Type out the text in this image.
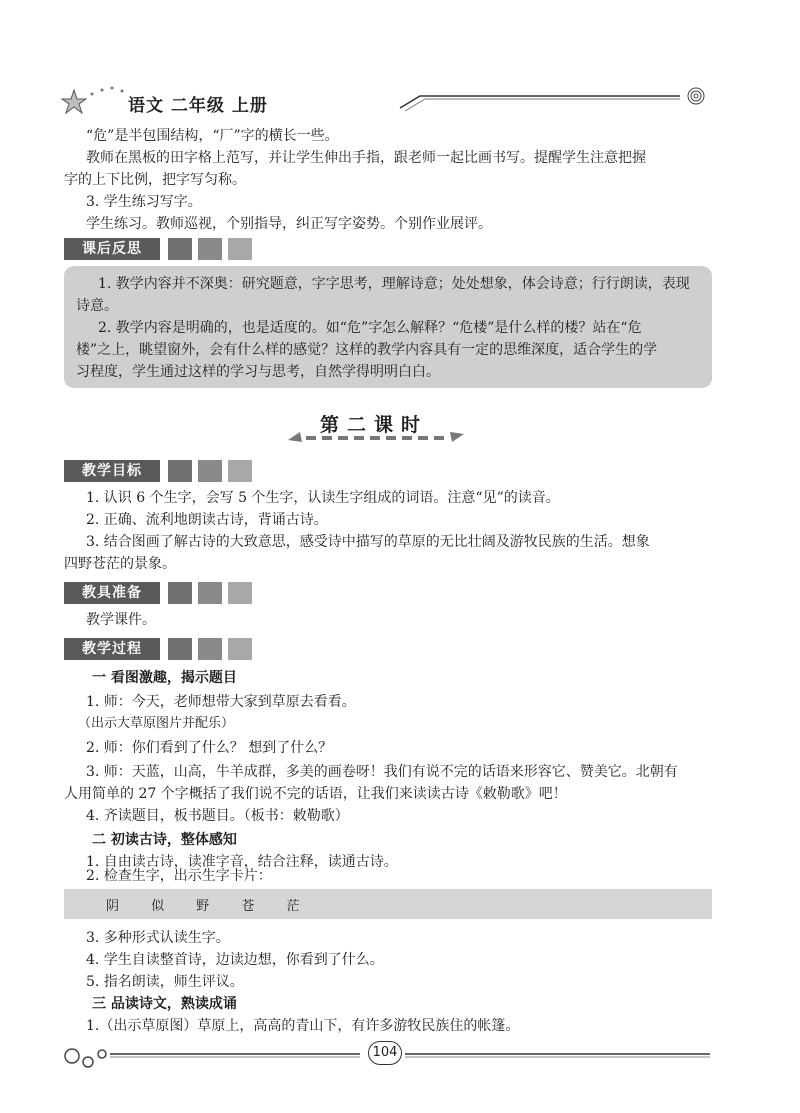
语文 二年级 上册
“危”是半包围结构，“厂”字的横长一些。
教师在黑板的田字格上范写，并让学生伸出手指，跟老师一起比画书写。提醒学生注意把握
字的上下比例，把字写匀称。
3. 学生练习写字。
学生练习。教师巡视，个别指导，纠正写字姿势。个别作业展评。
课后反思
1. 教学内容并不深奥：研究题意，字字思考，理解诗意；处处想象，体会诗意；行行朗读，表现
诗意。
2. 教学内容是明确的，也是适度的。如“危”字怎么解释？“危楼”是什么样的楼？站在“危
楼”之上，眺望窗外，会有什么样的感觉？这样的教学内容具有一定的思维深度，适合学生的学
习程度，学生通过这样的学习与思考，自然学得明明白白。
第二课时
教学目标
1. 认识 6 个生字，会写 5 个生字，认读生字组成的词语。注意“见”的读音。
2. 正确、流利地朗读古诗，背诵古诗。
3. 结合图画了解古诗的大致意思，感受诗中描写的草原的无比壮阔及游牧民族的生活。想象
四野苍茫的景象。
教具准备
教学课件。
教学过程
一 看图激趣，揭示题目
1. 师：今天，老师想带大家到草原去看看。
（出示大草原图片并配乐）
2. 师：你们看到了什么？ 想到了什么？
3. 师：天蓝，山高，牛羊成群，多美的画卷呀！我们有说不完的话语来形容它、赞美它。北朝有
人用简单的 27 个字概括了我们说不完的话语，让我们来读读古诗《敕勒歌》吧！
4. 齐读题目，板书题目。（板书：敕勒歌）
二 初读古诗，整体感知
1. 自由读古诗，读准字音，结合注释，读通古诗。
2. 检查生字，出示生字卡片：
阴 似 野 苍 茫
3. 多种形式认读生字。
4. 学生自读整首诗，边读边想，你看到了什么。
5. 指名朗读，师生评议。
三 品读诗文，熟读成诵
1.（出示草原图）草原上，高高的青山下，有许多游牧民族住的帐篷。
104
